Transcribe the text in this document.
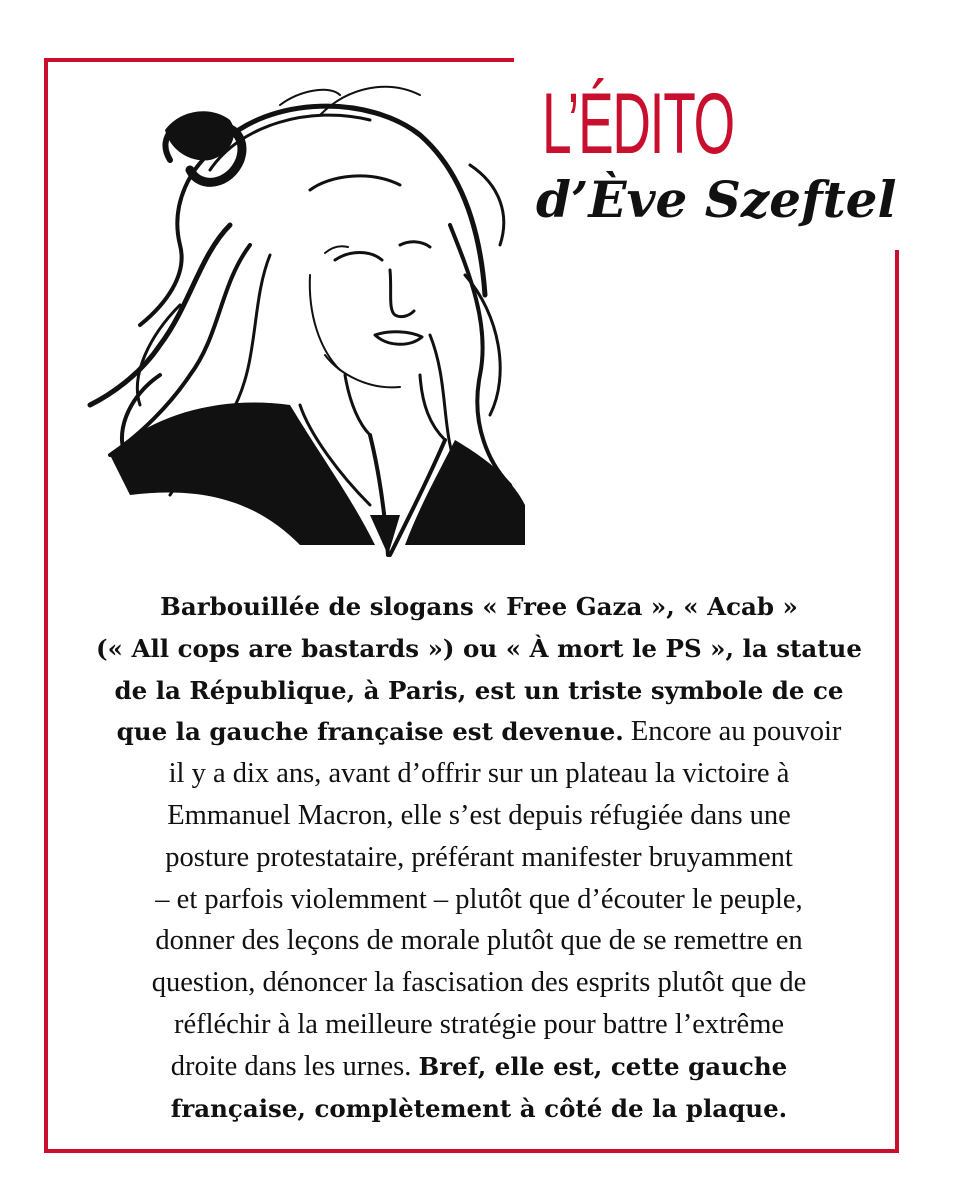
L’ÉDITO
d’Ève Szeftel
Barbouillée de slogans « Free Gaza », « Acab »
(« All cops are bastards ») ou « À mort le PS », la statue
de la République, à Paris, est un triste symbole de ce
que la gauche française est devenue. Encore au pouvoir
il y a dix ans, avant d’offrir sur un plateau la victoire à
Emmanuel Macron, elle s’est depuis réfugiée dans une
posture protestataire, préférant manifester bruyamment
– et parfois violemment – plutôt que d’écouter le peuple,
donner des leçons de morale plutôt que de se remettre en
question, dénoncer la fascisation des esprits plutôt que de
réfléchir à la meilleure stratégie pour battre l’extrême
droite dans les urnes. Bref, elle est, cette gauche
française, complètement à côté de la plaque.
